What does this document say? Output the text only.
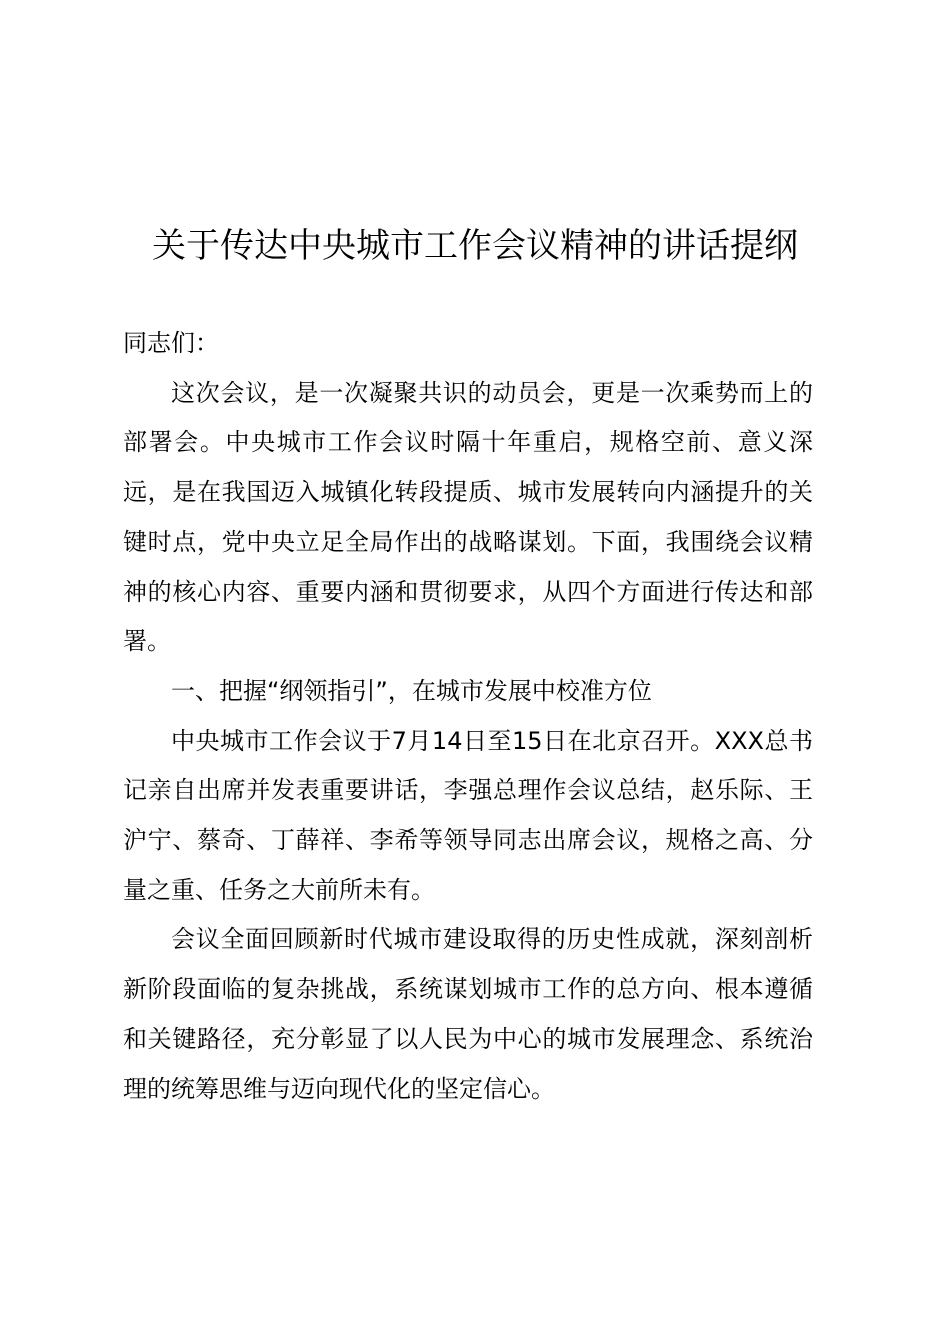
关于传达中央城市工作会议精神的讲话提纲

同志们：

这次会议，是一次凝聚共识的动员会，更是一次乘势而上的部署会。中央城市工作会议时隔十年重启，规格空前、意义深远，是在我国迈入城镇化转段提质、城市发展转向内涵提升的关键时点，党中央立足全局作出的战略谋划。下面，我围绕会议精神的核心内容、重要内涵和贯彻要求，从四个方面进行传达和部署。

一、把握“纲领指引”，在城市发展中校准方位

中央城市工作会议于7月14日至15日在北京召开。XXX总书记亲自出席并发表重要讲话，李强总理作会议总结，赵乐际、王沪宁、蔡奇、丁薛祥、李希等领导同志出席会议，规格之高、分量之重、任务之大前所未有。

会议全面回顾新时代城市建设取得的历史性成就，深刻剖析新阶段面临的复杂挑战，系统谋划城市工作的总方向、根本遵循和关键路径，充分彰显了以人民为中心的城市发展理念、系统治理的统筹思维与迈向现代化的坚定信心。
